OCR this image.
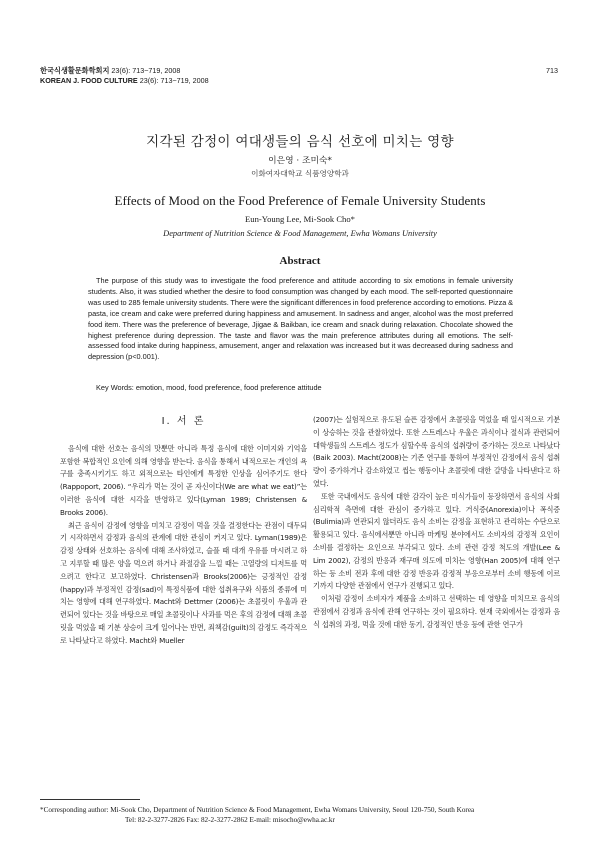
한국식생활문화학회지 23(6): 713~719, 2008
KOREAN J. FOOD CULTURE 23(6): 713~719, 2008
713
지각된 감정이 여대생들의 음식 선호에 미치는 영향
이은영 · 조미숙*
이화여자대학교 식품영양학과
Effects of Mood on the Food Preference of Female University Students
Eun-Young Lee, Mi-Sook Cho*
Department of Nutrition Science & Food Management, Ewha Womans University
Abstract
The purpose of this study was to investigate the food preference and attitude according to six emotions in female university students. Also, it was studied whether the desire to food consumption was changed by each mood. The self-reported questionnaire was used to 285 female university students. There were the significant differences in food preference according to emotions. Pizza & pasta, ice cream and cake were preferred during happiness and amusement. In sadness and anger, alcohol was the most preferred food item. There was the preference of beverage, Jjigae & Baikban, ice cream and snack during relaxation. Chocolate showed the highest preference during depression. The taste and flavor was the main preference attributes during all emotions. The self-assessed food intake during happiness, amusement, anger and relaxation was increased but it was decreased during sadness and depression (p<0.001).
Key Words: emotion, mood, food preference, food preference attitude
I. 서 론

음식에 대한 선호는 음식의 맛뿐만 아니라 특정 음식에 대한 이미지와 기억을 포함한 복합적인 요인에 의해 영향을 받는다. 음식을 통해서 내적으로는 개인의 욕구를 충족시키기도 하고 외적으로는 타인에게 특정한 인상을 심어주기도 한다(Rappoport, 2006). “우리가 먹는 것이 곧 자신이다(We are what we eat)”는 이러한 음식에 대한 시각을 반영하고 있다(Lyman 1989; Christensen & Brooks 2006).

최근 음식이 감정에 영향을 미치고 감정이 먹을 것을 결정한다는 관점이 대두되기 시작하면서 감정과 음식의 관계에 대한 관심이 커지고 있다. Lyman(1989)은 감정 상태와 선호하는 음식에 대해 조사하였고, 슬플 때 대개 우유를 마시려고 하고 지루할 때 많은 양을 먹으려 하거나 좌절감을 느낄 때는 고열량의 디저트를 먹으려고 한다고 보고하였다. Christensen과 Brooks(2006)는 긍정적인 감정(happy)과 부정적인 감정(sad)이 특정식품에 대한 섭취욕구와 식품의 종류에 미치는 영향에 대해 연구하였다. Macht와 Dettmer (2006)는 초콜릿이 우울과 관련되어 있다는 것을 바탕으로 매일 초콜릿이나 사과를 먹은 후의 감정에 대해 초콜릿을 먹었을 때 기분 상승이 크게 일어나는 반면, 죄책감(guilt)의 감정도 즉각적으로 나타났다고 하였다. Macht와 Mueller

(2007)는 실험적으로 유도된 슬픈 감정에서 초콜릿을 먹었을 때 일시적으로 기분이 상승하는 것을 관찰하였다. 또한 스트레스나 우울은 과식이나 절식과 관련되어 대학생들의 스트레스 정도가 심할수록 음식의 섭취량이 증가하는 것으로 나타났다(Baik 2003). Macht(2008)는 기존 연구를 통하여 부정적인 감정에서 음식 섭취량이 증가하거나 감소하였고 씹는 행동이나 초콜릿에 대한 갈망을 나타낸다고 하였다.

또한 국내에서도 음식에 대한 감각이 높은 미식가들이 등장하면서 음식의 사회심리학적 측면에 대한 관심이 증가하고 있다. 거식증(Anorexia)이나 폭식증(Bulimia)과 연관되지 않더라도 음식 소비는 감정을 표현하고 관리하는 수단으로 활용되고 있다. 음식에서뿐만 아니라 마케팅 분야에서도 소비자의 감정적 요인이 소비를 결정하는 요인으로 부각되고 있다. 소비 관련 감정 척도의 개발(Lee & Lim 2002), 감정의 반응과 재구매 의도에 미치는 영향(Han 2005)에 대해 연구하는 등 소비 전과 후에 대한 감정 반응과 감정적 부응으로부터 소비 행동에 이르기까지 다양한 관점에서 연구가 진행되고 있다.

이처럼 감정이 소비자가 제품을 소비하고 선택하는 데 영향을 미치므로 음식의 관점에서 감정과 음식에 관해 연구하는 것이 필요하다. 현재 국외에서는 감정과 음식 섭취의 과정, 먹을 것에 대한 동기, 감정적인 반응 등에 관한 연구가

*Corresponding author: Mi-Sook Cho, Department of Nutrition Science & Food Management, Ewha Womans University, Seoul 120-750, South Korea
Tel: 82-2-3277-2826 Fax: 82-2-3277-2862 E-mail: misocho@ewha.ac.kr
